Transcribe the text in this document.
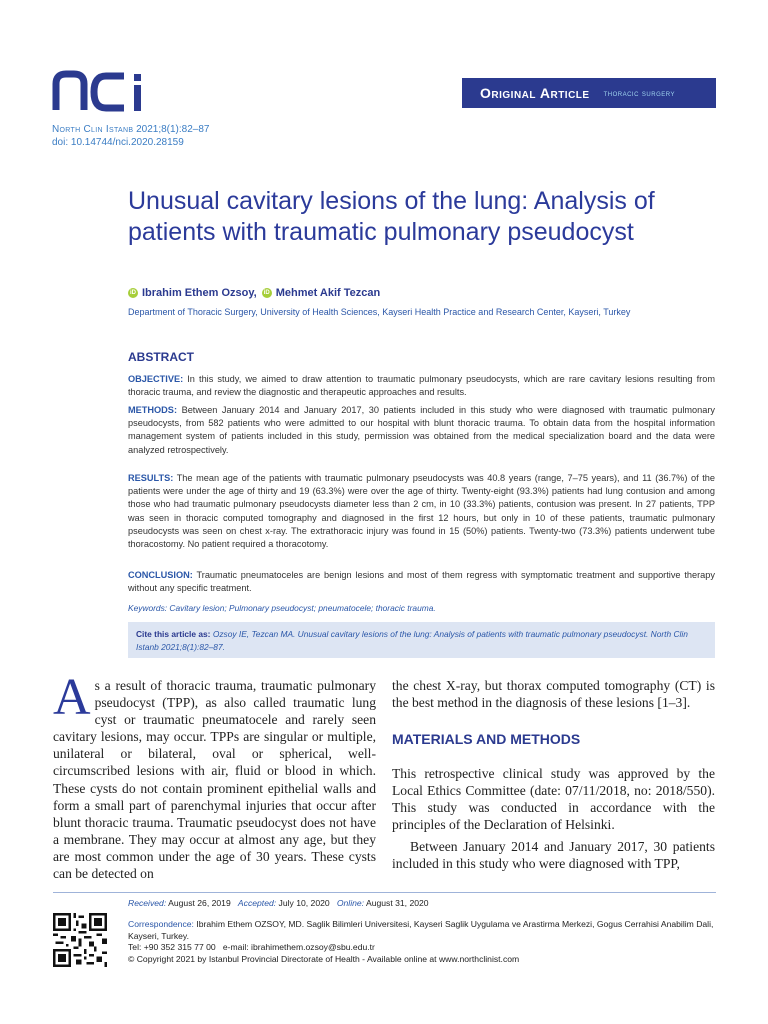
Original Article thoracic surgery
North Clin Istanb 2021;8(1):82–87
doi: 10.14744/nci.2020.28159
Unusual cavitary lesions of the lung: Analysis of patients with traumatic pulmonary pseudocyst
iD Ibrahim Ethem Ozsoy,	iD Mehmet Akif Tezcan
Department of Thoracic Surgery, University of Health Sciences, Kayseri Health Practice and Research Center, Kayseri, Turkey
ABSTRACT

OBJECTIVE: In this study, we aimed to draw attention to traumatic pulmonary pseudocysts, which are rare cavitary lesions resulting from thoracic trauma, and review the diagnostic and therapeutic approaches and results.

METHODS: Between January 2014 and January 2017, 30 patients included in this study who were diagnosed with traumatic pulmonary pseudocysts, from 582 patients who were admitted to our hospital with blunt thoracic trauma. To obtain data from the hospital information management system of patients included in this study, permission was obtained from the medical specialization board and the data were analyzed retrospectively.

RESULTS: The mean age of the patients with traumatic pulmonary pseudocysts was 40.8 years (range, 7–75 years), and 11 (36.7%) of the patients were under the age of thirty and 19 (63.3%) were over the age of thirty. Twenty-eight (93.3%) patients had lung contusion and among those who had traumatic pulmonary pseudocysts diameter less than 2 cm, in 10 (33.3%) patients, contusion was present. In 27 patients, TPP was seen in thoracic computed tomography and diagnosed in the first 12 hours, but only in 10 of these patients, traumatic pulmonary pseudocysts was seen on chest x-ray. The extrathoracic injury was found in 15 (50%) patients. Twenty-two (73.3%) patients underwent tube thoracostomy. No patient required a thoracotomy.

CONCLUSION: Traumatic pneumatoceles are benign lesions and most of them regress with symptomatic treatment and supportive therapy without any specific treatment.

Keywords: Cavitary lesion; Pulmonary pseudocyst; pneumatocele; thoracic trauma.
Cite this article as: Ozsoy IE, Tezcan MA. Unusual cavitary lesions of the lung: Analysis of patients with traumatic pulmonary pseudocyst. North Clin Istanb 2021;8(1):82–87.

A s a result of thoracic trauma, traumatic pulmonary pseudocyst (TPP), as also called traumatic lung cyst or traumatic pneumatocele and rarely seen cavitary lesions, may occur. TPPs are singular or multiple, unilateral or bilateral, oval or spherical, well-circumscribed lesions with air, fluid or blood in which. These cysts do not contain prominent epithelial walls and form a small part of parenchymal injuries that occur after blunt thoracic trauma. Traumatic pseudocyst does not have a membrane. They may occur at almost any age, but they are most common under the age of 30 years. These cysts can be detected on

the chest X-ray, but thorax computed tomography (CT) is the best method in the diagnosis of these lesions [1–3].

MATERIALS AND METHODS

This retrospective clinical study was approved by the Local Ethics Committee (date: 07/11/2018, no: 2018/550). This study was conducted in accordance with the principles of the Declaration of Helsinki.

Between January 2014 and January 2017, 30 patients included in this study who were diagnosed with TPP,

Received: August 26, 2019 Accepted: July 10, 2020 Online: August 31, 2020
Correspondence: Ibrahim Ethem OZSOY, MD. Saglik Bilimleri Universitesi, Kayseri Saglik Uygulama ve Arastirma Merkezi, Gogus Cerrahisi Anabilim Dali, Kayseri, Turkey.
Tel: +90 352 315 77 00 e-mail: ibrahimethem.ozsoy@sbu.edu.tr
© Copyright 2021 by Istanbul Provincial Directorate of Health - Available online at www.northclinist.com
